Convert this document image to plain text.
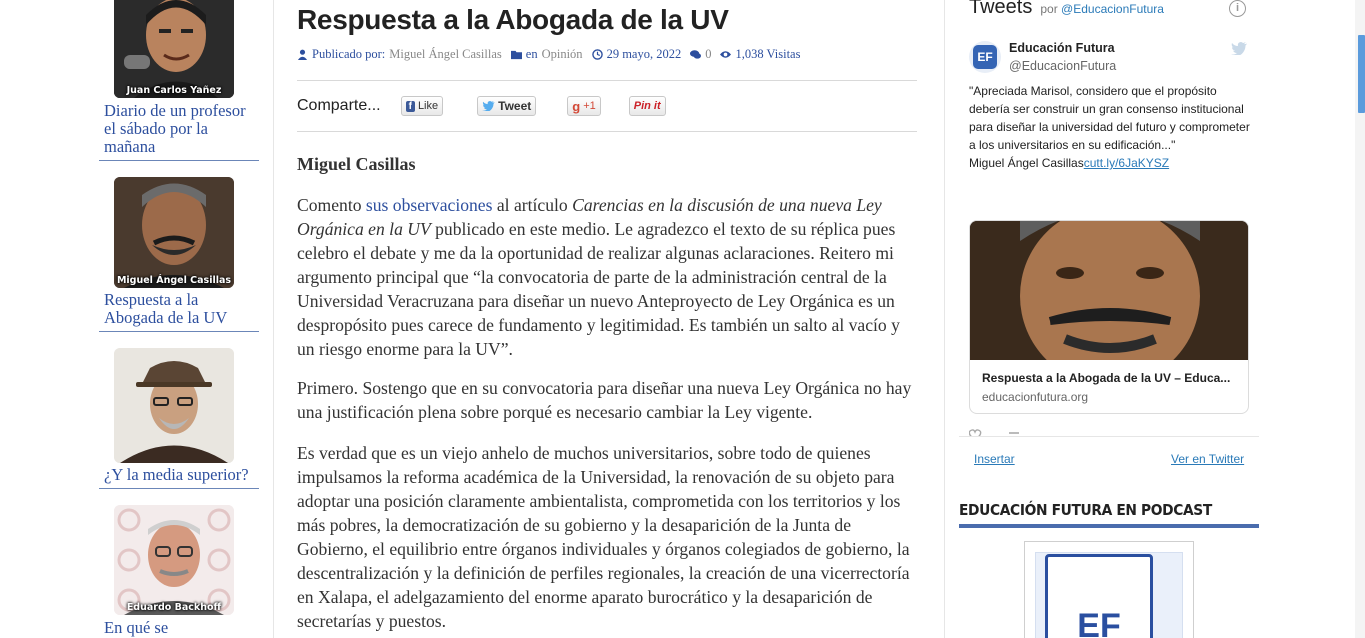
Juan Carlos Yañez
Diario de un profesor el sábado por la mañana
Miguel Ángel Casillas
Respuesta a la Abogada de la UV
¿Y la media superior?
Eduardo Backhoff
En qué se
Respuesta a la Abogada de la UV
Publicado por: Miguel Ángel Casillas en Opinión 29 mayo, 2022 0 1,038 Visitas
Comparte...	f Like	Tweet	g +1	Pin it
Miguel Casillas

Comento sus observaciones al artículo Carencias en la discusión de una nueva Ley Orgánica en la UV publicado en este medio. Le agradezco el texto de su réplica pues celebro el debate y me da la oportunidad de realizar algunas aclaraciones. Reitero mi argumento principal que “la convocatoria de parte de la administración central de la Universidad Veracruzana para diseñar un nuevo Anteproyecto de Ley Orgánica es un despropósito pues carece de fundamento y legitimidad. Es también un salto al vacío y un riesgo enorme para la UV”.

Primero. Sostengo que en su convocatoria para diseñar una nueva Ley Orgánica no hay una justificación plena sobre porqué es necesario cambiar la Ley vigente.

Es verdad que es un viejo anhelo de muchos universitarios, sobre todo de quienes impulsamos la reforma académica de la Universidad, la renovación de su objeto para adoptar una posición claramente ambientalista, comprometida con los territorios y los más pobres, la democratización de su gobierno y la desaparición de la Junta de Gobierno, el equilibrio entre órganos individuales y órganos colegiados de gobierno, la descentralización y la definición de perfiles regionales, la creación de una vicerrectoría en Xalapa, el adelgazamiento del enorme aparato burocrático y la desaparición de secretarías y puestos.

Tweets por @EducacionFutura	i
EF
Educación Futura
@EducacionFutura
"Apreciada Marisol, considero que el propósito debería ser construir un gran consenso institucional para diseñar la universidad del futuro y comprometer a los universitarios en su edificación..."
Miguel Ángel Casillascutt.ly/6JaKYSZ
Respuesta a la Abogada de la UV – Educa...
educacionfutura.org
Insertar	Ver en Twitter
EDUCACIÓN FUTURA EN PODCAST
EF
